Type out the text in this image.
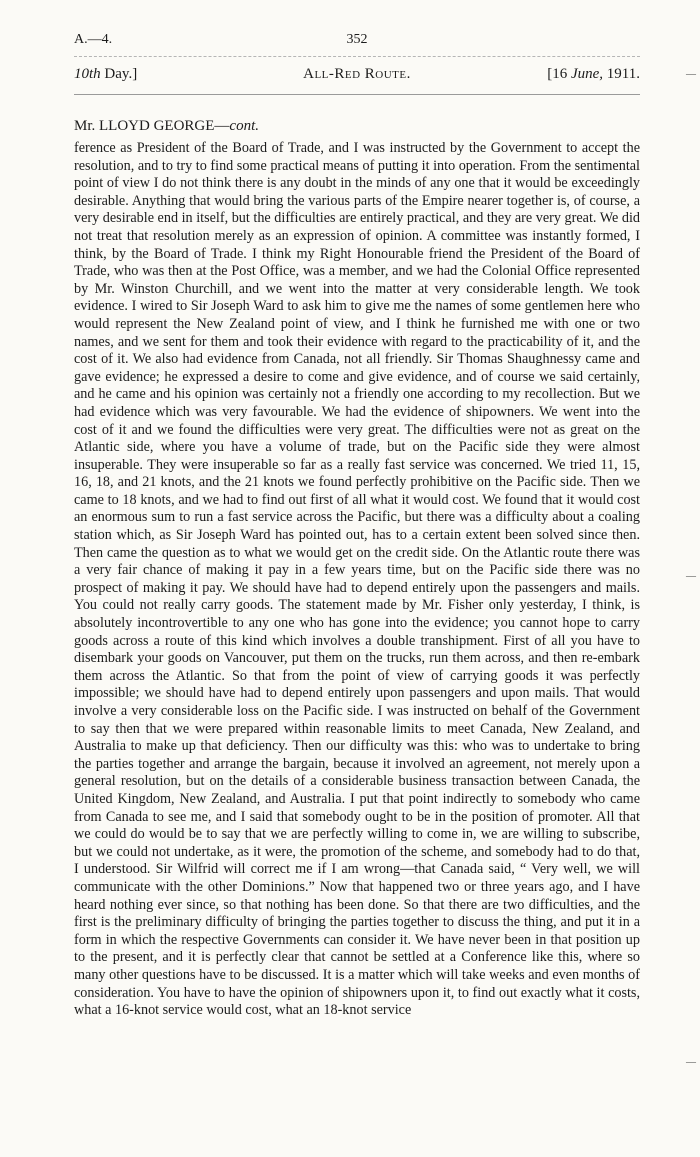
A.—4.	352
10th Day.]	All-Red Route.	[16 June, 1911.
Mr. LLOYD GEORGE—cont.
ference as President of the Board of Trade, and I was instructed by the Government to accept the resolution, and to try to find some practical means of putting it into operation. From the sentimental point of view I do not think there is any doubt in the minds of any one that it would be exceedingly desirable. Anything that would bring the various parts of the Empire nearer together is, of course, a very desirable end in itself, but the difficulties are entirely practical, and they are very great. We did not treat that resolution merely as an expression of opinion. A committee was instantly formed, I think, by the Board of Trade. I think my Right Honourable friend the President of the Board of Trade, who was then at the Post Office, was a member, and we had the Colonial Office represented by Mr. Winston Churchill, and we went into the matter at very considerable length. We took evidence. I wired to Sir Joseph Ward to ask him to give me the names of some gentlemen here who would represent the New Zealand point of view, and I think he furnished me with one or two names, and we sent for them and took their evidence with regard to the practicability of it, and the cost of it. We also had evidence from Canada, not all friendly. Sir Thomas Shaughnessy came and gave evidence; he expressed a desire to come and give evidence, and of course we said certainly, and he came and his opinion was certainly not a friendly one according to my recollection. But we had evidence which was very favourable. We had the evidence of shipowners. We went into the cost of it and we found the difficulties were very great. The difficulties were not as great on the Atlantic side, where you have a volume of trade, but on the Pacific side they were almost insuperable. They were insuperable so far as a really fast service was concerned. We tried 11, 15, 16, 18, and 21 knots, and the 21 knots we found perfectly prohibitive on the Pacific side. Then we came to 18 knots, and we had to find out first of all what it would cost. We found that it would cost an enormous sum to run a fast service across the Pacific, but there was a difficulty about a coaling station which, as Sir Joseph Ward has pointed out, has to a certain extent been solved since then. Then came the question as to what we would get on the credit side. On the Atlantic route there was a very fair chance of making it pay in a few years time, but on the Pacific side there was no prospect of making it pay. We should have had to depend entirely upon the passengers and mails. You could not really carry goods. The statement made by Mr. Fisher only yesterday, I think, is absolutely incontrovertible to any one who has gone into the evidence; you cannot hope to carry goods across a route of this kind which involves a double transhipment. First of all you have to disembark your goods on Vancouver, put them on the trucks, run them across, and then re-embark them across the Atlantic. So that from the point of view of carrying goods it was perfectly impossible; we should have had to depend entirely upon passengers and upon mails. That would involve a very considerable loss on the Pacific side. I was instructed on behalf of the Government to say then that we were prepared within reasonable limits to meet Canada, New Zealand, and Australia to make up that deficiency. Then our difficulty was this: who was to undertake to bring the parties together and arrange the bargain, because it involved an agreement, not merely upon a general resolution, but on the details of a considerable business transaction between Canada, the United Kingdom, New Zealand, and Australia. I put that point indirectly to somebody who came from Canada to see me, and I said that somebody ought to be in the position of promoter. All that we could do would be to say that we are perfectly willing to come in, we are willing to subscribe, but we could not undertake, as it were, the promotion of the scheme, and somebody had to do that, I understood. Sir Wilfrid will correct me if I am wrong—that Canada said, “ Very well, we will communicate with the other Dominions.” Now that happened two or three years ago, and I have heard nothing ever since, so that nothing has been done. So that there are two difficulties, and the first is the preliminary difficulty of bringing the parties together to discuss the thing, and put it in a form in which the respective Governments can consider it. We have never been in that position up to the present, and it is perfectly clear that cannot be settled at a Conference like this, where so many other questions have to be discussed. It is a matter which will take weeks and even months of consideration. You have to have the opinion of shipowners upon it, to find out exactly what it costs, what a 16-knot service would cost, what an 18-knot service
—
—
—
